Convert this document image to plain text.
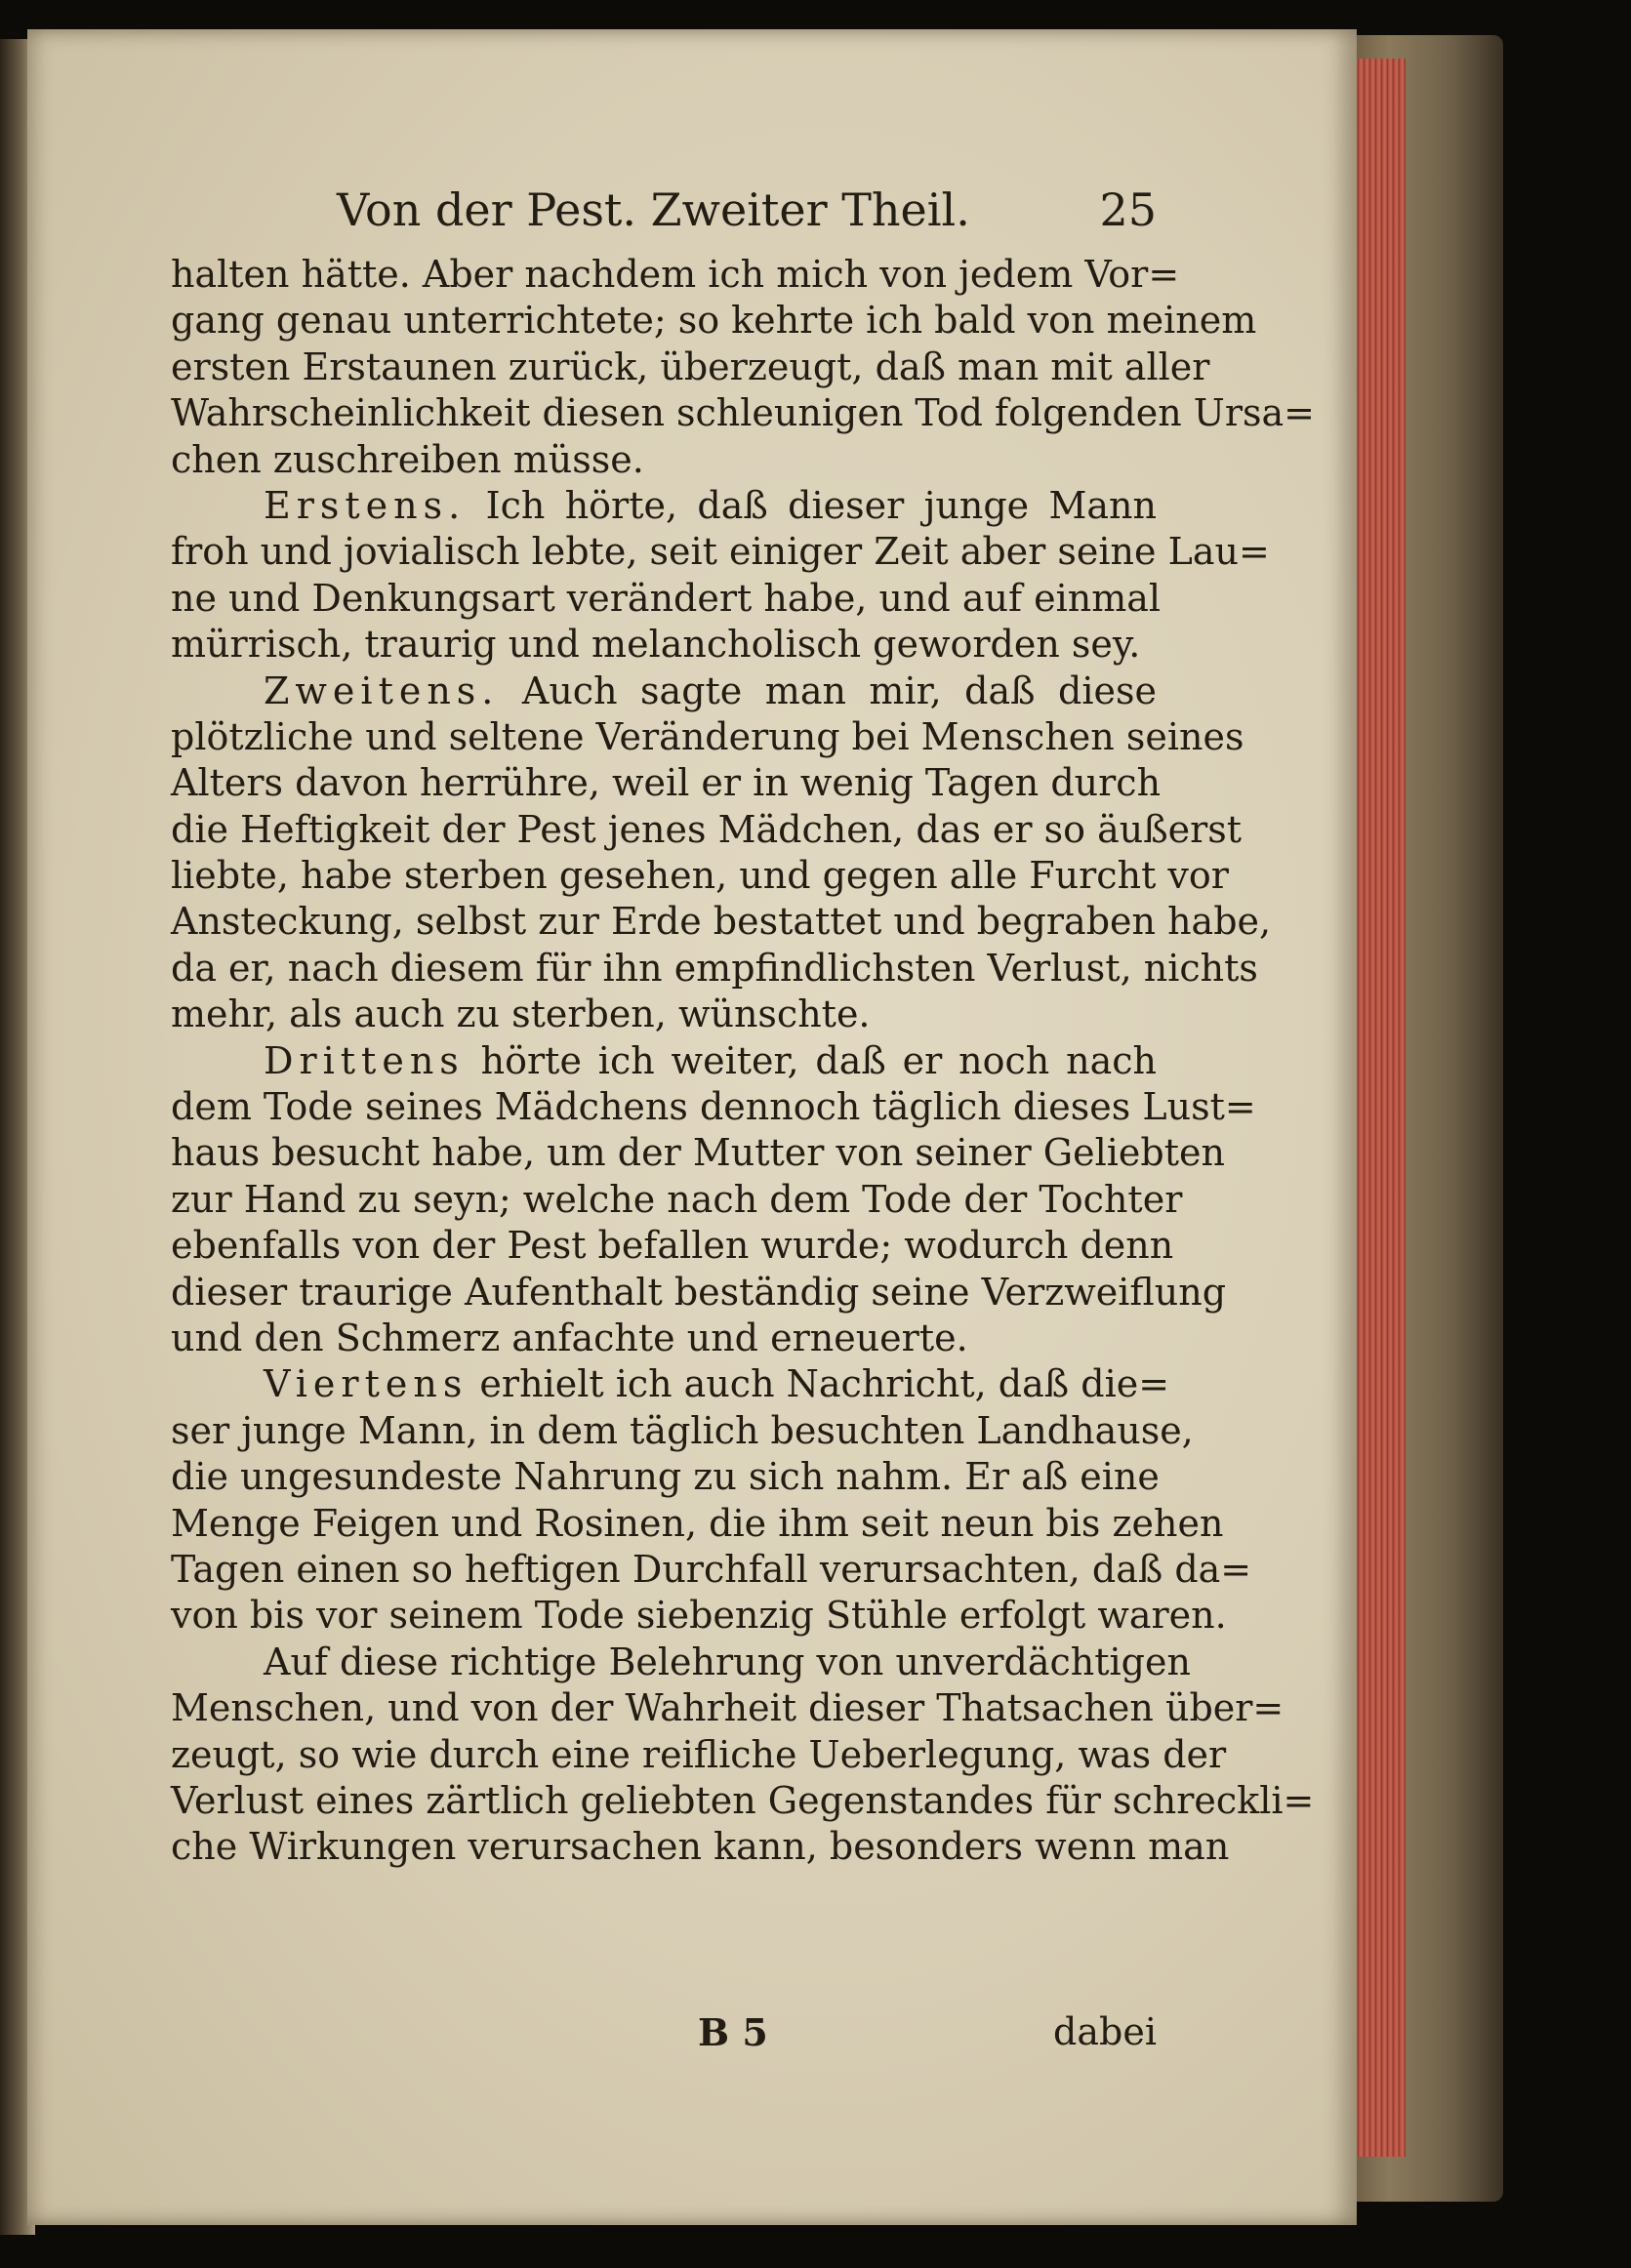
Von der Pest. Zweiter Theil.	25
halten hätte. Aber nachdem ich mich von jedem Vor=
gang genau unterrichtete; so kehrte ich bald von meinem
ersten Erstaunen zurück, überzeugt, daß man mit aller
Wahrscheinlichkeit diesen schleunigen Tod folgenden Ursa=
chen zuschreiben müsse.
Erstens. Ich hörte, daß dieser junge Mann
froh und jovialisch lebte, seit einiger Zeit aber seine Lau=
ne und Denkungsart verändert habe, und auf einmal
mürrisch, traurig und melancholisch geworden sey.
Zweitens. Auch sagte man mir, daß diese
plötzliche und seltene Veränderung bei Menschen seines
Alters davon herrühre, weil er in wenig Tagen durch
die Heftigkeit der Pest jenes Mädchen, das er so äußerst
liebte, habe sterben gesehen, und gegen alle Furcht vor
Ansteckung, selbst zur Erde bestattet und begraben habe,
da er, nach diesem für ihn empfindlichsten Verlust, nichts
mehr, als auch zu sterben, wünschte.
Drittens hörte ich weiter, daß er noch nach
dem Tode seines Mädchens dennoch täglich dieses Lust=
haus besucht habe, um der Mutter von seiner Geliebten
zur Hand zu seyn; welche nach dem Tode der Tochter
ebenfalls von der Pest befallen wurde; wodurch denn
dieser traurige Aufenthalt beständig seine Verzweiflung
und den Schmerz anfachte und erneuerte.
Viertens erhielt ich auch Nachricht, daß die=
ser junge Mann, in dem täglich besuchten Landhause,
die ungesundeste Nahrung zu sich nahm. Er aß eine
Menge Feigen und Rosinen, die ihm seit neun bis zehen
Tagen einen so heftigen Durchfall verursachten, daß da=
von bis vor seinem Tode siebenzig Stühle erfolgt waren.
Auf diese richtige Belehrung von unverdächtigen
Menschen, und von der Wahrheit dieser Thatsachen über=
zeugt, so wie durch eine reifliche Ueberlegung, was der
Verlust eines zärtlich geliebten Gegenstandes für schreckli=
che Wirkungen verursachen kann, besonders wenn man
B 5	dabei
